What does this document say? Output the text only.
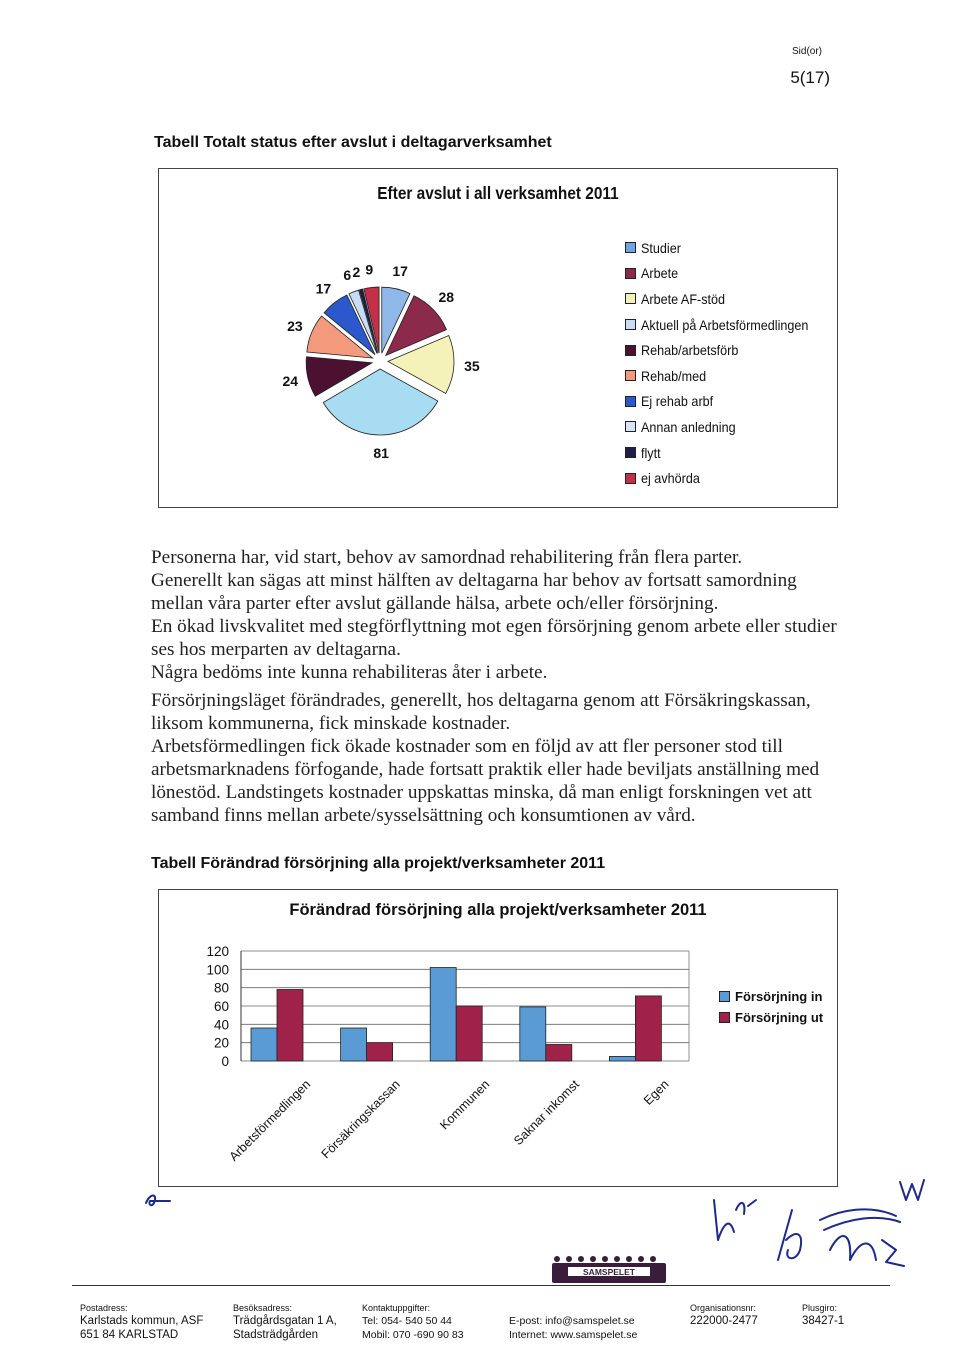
Sid(or)
5(17)
Tabell Totalt status efter avslut i deltagarverksamhet
Efter avslut i all verksamhet 2011
17
28
35
81
24
23
17
6 2 9
Studier
Arbete
Arbete AF-stöd
Aktuell på Arbetsförmedlingen
Rehab/arbetsförb
Rehab/med
Ej rehab arbf
Annan anledning
flytt
ej avhörda

Personerna har, vid start, behov av samordnad rehabilitering från flera parter.

Generellt kan sägas att minst hälften av deltagarna har behov av fortsatt samordning mellan våra parter efter avslut gällande hälsa, arbete och/eller försörjning.

En ökad livskvalitet med stegförflyttning mot egen försörjning genom arbete eller studier ses hos merparten av deltagarna.

Några bedöms inte kunna rehabiliteras åter i arbete.

Försörjningsläget förändrades, generellt, hos deltagarna genom att Försäkringskassan, liksom kommunerna, fick minskade kostnader.

Arbetsförmedlingen fick ökade kostnader som en följd av att fler personer stod till arbetsmarknadens förfogande, hade fortsatt praktik eller hade beviljats anställning med lönestöd. Landstingets kostnader uppskattas minska, då man enligt forskningen vet att samband finns mellan arbete/sysselsättning och konsumtionen av vård.

Tabell Förändrad försörjning alla projekt/verksamheter 2011
Förändrad försörjning alla projekt/verksamheter 2011
120
100
80
60
40
20
0
Arbetsförmedlingen Försäkringskassan	Kommunen Saknar inkomst	Egen
Försörjning in
Försörjning ut
SAMSPELET
Postadress:
Karlstads kommun, ASF
651 84 KARLSTAD
Besöksadress:
Trädgårdsgatan 1 A,
Stadsträdgården
Kontaktuppgifter:
Tel: 054- 540 50 44
Mobil: 070 -690 90 83
E-post: info@samspelet.se
Internet: www.samspelet.se
Organisationsnr:
222000-2477
Plusgiro:
38427-1
